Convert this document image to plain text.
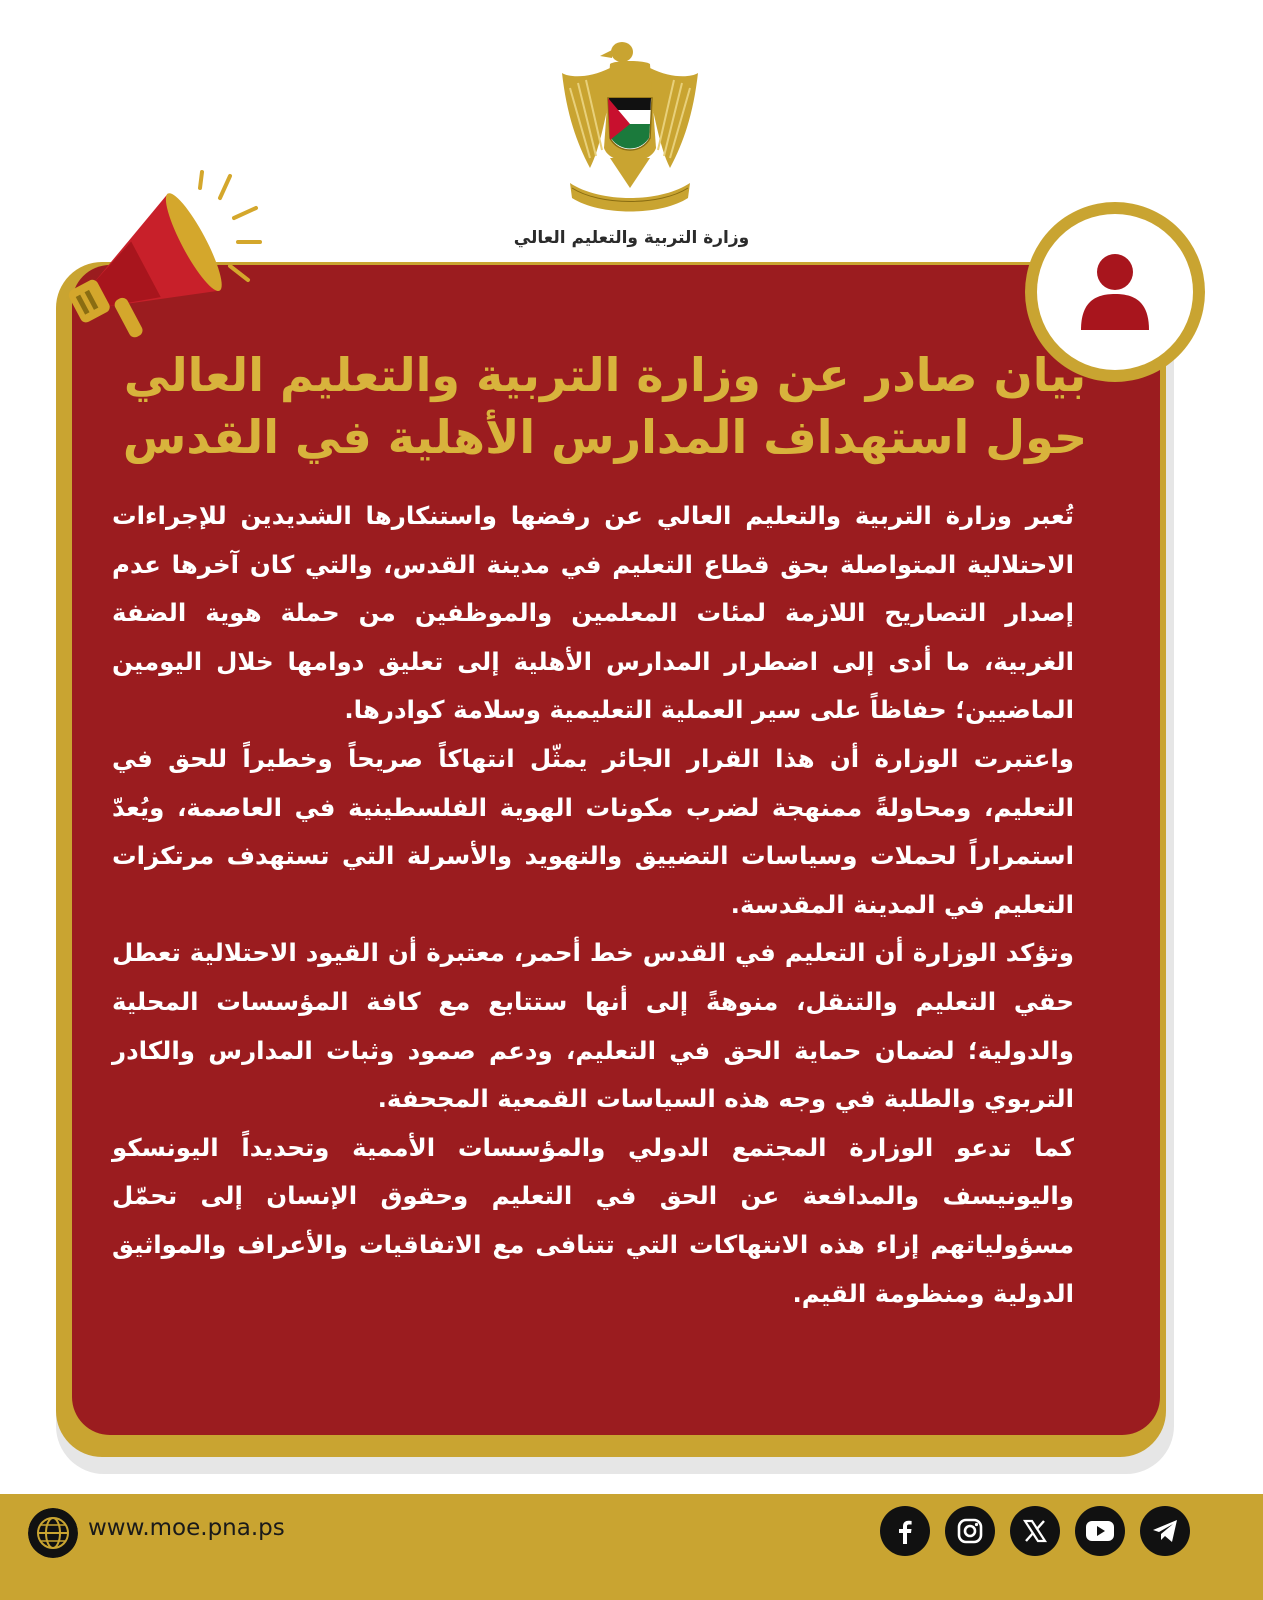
وزارة التربية والتعليم العالي
بيان صادر عن وزارة التربية والتعليم العالي
حول استهداف المدارس الأهلية في القدس

تُعبر وزارة التربية والتعليم العالي عن رفضها واستنكارها الشديدين للإجراءات الاحتلالية المتواصلة بحق قطاع التعليم في مدينة القدس، والتي كان آخرها عدم إصدار التصاريح اللازمة لمئات المعلمين والموظفين من حملة هوية الضفة الغربية، ما أدى إلى اضطرار المدارس الأهلية إلى تعليق دوامها خلال اليومين الماضيين؛ حفاظاً على سير العملية التعليمية وسلامة كوادرها.

واعتبرت الوزارة أن هذا القرار الجائر يمثّل انتهاكاً صريحاً وخطيراً للحق في التعليم، ومحاولةً ممنهجة لضرب مكونات الهوية الفلسطينية في العاصمة، ويُعدّ استمراراً لحملات وسياسات التضييق والتهويد والأسرلة التي تستهدف مرتكزات التعليم في المدينة المقدسة.

وتؤكد الوزارة أن التعليم في القدس خط أحمر، معتبرة أن القيود الاحتلالية تعطل حقي التعليم والتنقل، منوهةً إلى أنها ستتابع مع كافة المؤسسات المحلية والدولية؛ لضمان حماية الحق في التعليم، ودعم صمود وثبات المدارس والكادر التربوي والطلبة في وجه هذه السياسات القمعية المجحفة.

كما تدعو الوزارة المجتمع الدولي والمؤسسات الأممية وتحديداً اليونسكو واليونيسف والمدافعة عن الحق في التعليم وحقوق الإنسان إلى تحمّل مسؤولياتهم إزاء هذه الانتهاكات التي تتنافى مع الاتفاقيات والأعراف والمواثيق الدولية ومنظومة القيم.

www.moe.pna.ps
